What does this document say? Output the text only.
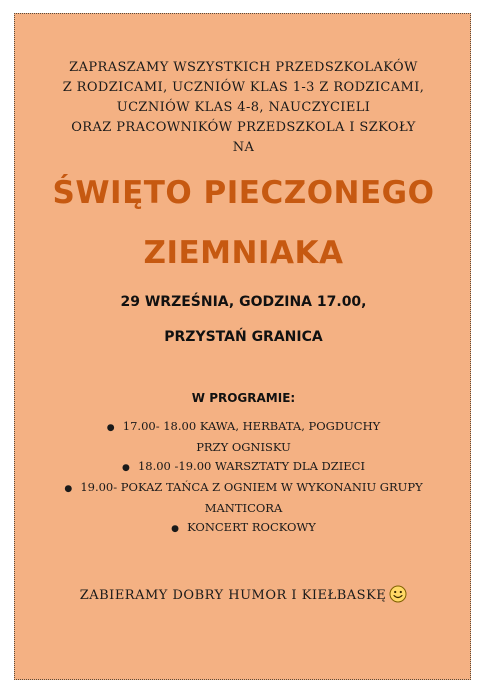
ZAPRASZAMY WSZYSTKICH PRZEDSZKOLAKÓW
Z RODZICAMI, UCZNIÓW KLAS 1-3 Z RODZICAMI,
UCZNIÓW KLAS 4-8, NAUCZYCIELI
ORAZ PRACOWNIKÓW PRZEDSZKOLA I SZKOŁY
NA
ŚWIĘTO PIECZONEGO
ZIEMNIAKA
29 WRZEŚNIA, GODZINA 17.00,
PRZYSTAŃ GRANICA
W PROGRAMIE:
● 17.00- 18.00 KAWA, HERBATA, POGDUCHY
PRZY OGNISKU
● 18.00 -19.00 WARSZTATY DLA DZIECI
● 19.00- POKAZ TAŃCA Z OGNIEM W WYKONANIU GRUPY
MANTICORA
● KONCERT ROCKOWY
ZABIERAMY DOBRY HUMOR I KIEŁBASKĘ
